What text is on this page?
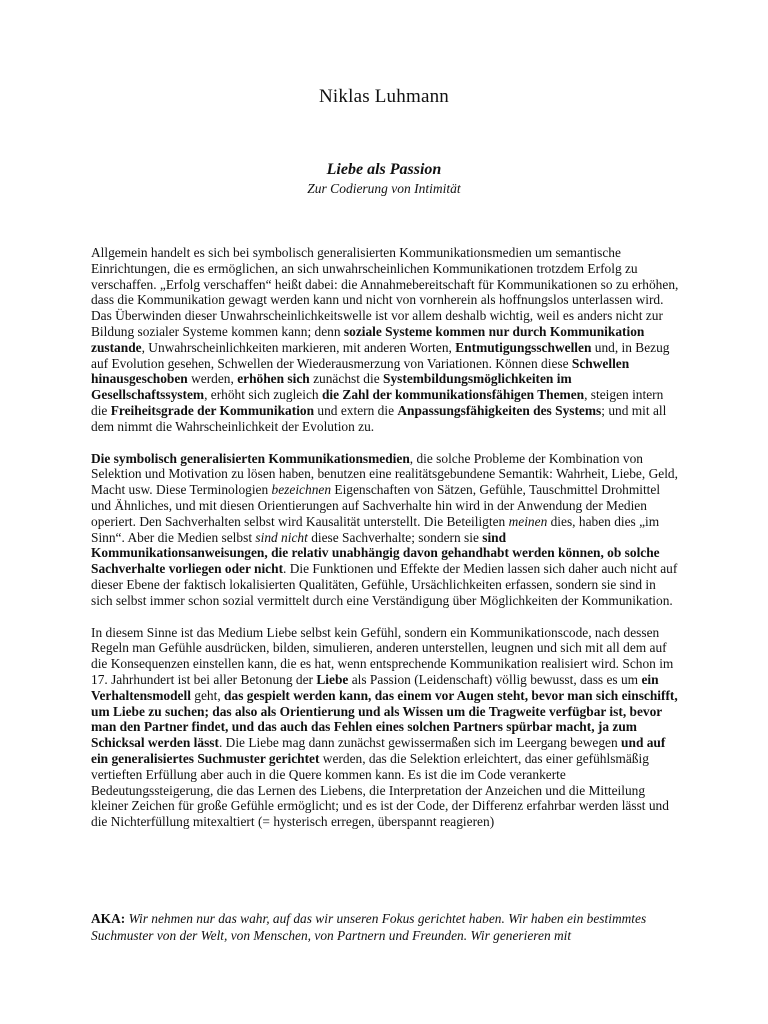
Niklas Luhmann

Liebe als Passion

Zur Codierung von Intimität

Allgemein handelt es sich bei symbolisch generalisierten Kommunikationsmedien um semantische Einrichtungen, die es ermöglichen, an sich unwahrscheinlichen Kommunikationen trotzdem Erfolg zu verschaffen. „Erfolg verschaffen“ heißt dabei: die Annahmebereitschaft für Kommunikationen so zu erhöhen, dass die Kommunikation gewagt werden kann und nicht von vornherein als hoffnungslos unterlassen wird. Das Überwinden dieser Unwahrscheinlichkeitswelle ist vor allem deshalb wichtig, weil es anders nicht zur Bildung sozialer Systeme kommen kann; denn soziale Systeme kommen nur durch Kommunikation zustande, Unwahrscheinlichkeiten markieren, mit anderen Worten, Entmutigungsschwellen und, in Bezug auf Evolution gesehen, Schwellen der Wiederausmerzung von Variationen. Können diese Schwellen hinausgeschoben werden, erhöhen sich zunächst die Systembildungsmöglichkeiten im Gesellschaftssystem, erhöht sich zugleich die Zahl der kommunikationsfähigen Themen, steigen intern die Freiheitsgrade der Kommunikation und extern die Anpassungsfähigkeiten des Systems; und mit all dem nimmt die Wahrscheinlichkeit der Evolution zu.

Die symbolisch generalisierten Kommunikationsmedien, die solche Probleme der Kombination von Selektion und Motivation zu lösen haben, benutzen eine realitätsgebundene Semantik: Wahrheit, Liebe, Geld, Macht usw. Diese Terminologien bezeichnen Eigenschaften von Sätzen, Gefühle, Tauschmittel Drohmittel und Ähnliches, und mit diesen Orientierungen auf Sachverhalte hin wird in der Anwendung der Medien operiert. Den Sachverhalten selbst wird Kausalität unterstellt. Die Beteiligten meinen dies, haben dies „im Sinn“. Aber die Medien selbst sind nicht diese Sachverhalte; sondern sie sind Kommunikationsanweisungen, die relativ unabhängig davon gehandhabt werden können, ob solche Sachverhalte vorliegen oder nicht. Die Funktionen und Effekte der Medien lassen sich daher auch nicht auf dieser Ebene der faktisch lokalisierten Qualitäten, Gefühle, Ursächlichkeiten erfassen, sondern sie sind in sich selbst immer schon sozial vermittelt durch eine Verständigung über Möglichkeiten der Kommunikation.

In diesem Sinne ist das Medium Liebe selbst kein Gefühl, sondern ein Kommunikationscode, nach dessen Regeln man Gefühle ausdrücken, bilden, simulieren, anderen unterstellen, leugnen und sich mit all dem auf die Konsequenzen einstellen kann, die es hat, wenn entsprechende Kommunikation realisiert wird. Schon im 17. Jahrhundert ist bei aller Betonung der Liebe als Passion (Leidenschaft) völlig bewusst, dass es um ein Verhaltensmodell geht, das gespielt werden kann, das einem vor Augen steht, bevor man sich einschifft, um Liebe zu suchen; das also als Orientierung und als Wissen um die Tragweite verfügbar ist, bevor man den Partner findet, und das auch das Fehlen eines solchen Partners spürbar macht, ja zum Schicksal werden lässt. Die Liebe mag dann zunächst gewissermaßen sich im Leergang bewegen und auf ein generalisiertes Suchmuster gerichtet werden, das die Selektion erleichtert, das einer gefühlsmäßig vertieften Erfüllung aber auch in die Quere kommen kann. Es ist die im Code verankerte Bedeutungssteigerung, die das Lernen des Liebens, die Interpretation der Anzeichen und die Mitteilung kleiner Zeichen für große Gefühle ermöglicht; und es ist der Code, der Differenz erfahrbar werden lässt und die Nichterfüllung mitexaltiert (= hysterisch erregen, überspannt reagieren)

AKA: Wir nehmen nur das wahr, auf das wir unseren Fokus gerichtet haben. Wir haben ein bestimmtes Suchmuster von der Welt, von Menschen, von Partnern und Freunden. Wir generieren mit
